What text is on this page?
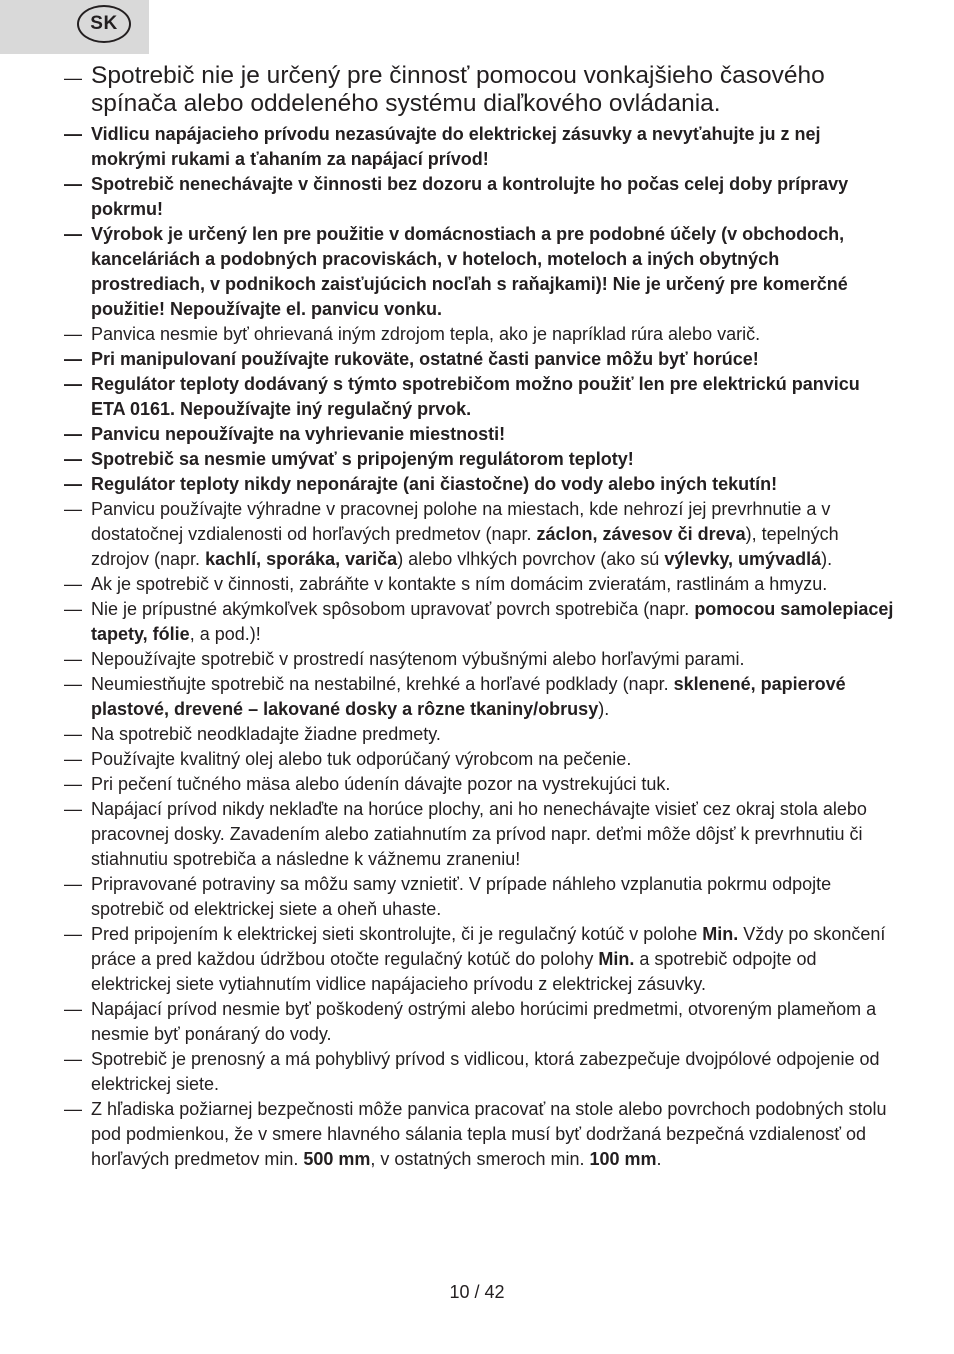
SK
— Spotrebič nie je určený pre činnosť pomocou vonkajšieho časového spínača alebo oddeleného systému diaľkového ovládania.
— Vidlicu napájacieho prívodu nezasúvajte do elektrickej zásuvky a nevyťahujte ju z nej mokrými rukami a ťahaním za napájací prívod!
— Spotrebič nenechávajte v činnosti bez dozoru a kontrolujte ho počas celej doby prípravy pokrmu!
— Výrobok je určený len pre použitie v domácnostiach a pre podobné účely (v obchodoch, kanceláriách a podobných pracoviskách, v hoteloch, moteloch a iných obytných prostrediach, v podnikoch zaisťujúcich nocľah s raňajkami)! Nie je určený pre komerčné použitie! Nepoužívajte el. panvicu vonku.
— Panvica nesmie byť ohrievaná iným zdrojom tepla, ako je napríklad rúra alebo varič.
— Pri manipulovaní používajte rukoväte, ostatné časti panvice môžu byť horúce!
— Regulátor teploty dodávaný s týmto spotrebičom možno použiť len pre elektrickú panvicu ETA 0161. Nepoužívajte iný regulačný prvok.
— Panvicu nepoužívajte na vyhrievanie miestnosti!
— Spotrebič sa nesmie umývať s pripojeným regulátorom teploty!
— Regulátor teploty nikdy neponárajte (ani čiastočne) do vody alebo iných tekutín!
— Panvicu používajte výhradne v pracovnej polohe na miestach, kde nehrozí jej prevrhnutie a v dostatočnej vzdialenosti od horľavých predmetov (napr. záclon, závesov či dreva), tepelných zdrojov (napr. kachlí, sporáka, variča) alebo vlhkých povrchov (ako sú výlevky, umývadlá).
— Ak je spotrebič v činnosti, zabráňte v kontakte s ním domácim zvieratám, rastlinám a hmyzu.
— Nie je prípustné akýmkoľvek spôsobom upravovať povrch spotrebiča (napr. pomocou samolepiacej tapety, fólie, a pod.)!
— Nepoužívajte spotrebič v prostredí nasýtenom výbušnými alebo horľavými parami.
— Neumiestňujte spotrebič na nestabilné, krehké a horľavé podklady (napr. sklenené, papierové plastové, drevené – lakované dosky a rôzne tkaniny/obrusy).
— Na spotrebič neodkladajte žiadne predmety.
— Používajte kvalitný olej alebo tuk odporúčaný výrobcom na pečenie.
— Pri pečení tučného mäsa alebo údenín dávajte pozor na vystrekujúci tuk.
— Napájací prívod nikdy neklaďte na horúce plochy, ani ho nenechávajte visieť cez okraj stola alebo pracovnej dosky. Zavadením alebo zatiahnutím za prívod napr. deťmi môže dôjsť k prevrhnutiu či stiahnutiu spotrebiča a následne k vážnemu zraneniu!
— Pripravované potraviny sa môžu samy vznietiť. V prípade náhleho vzplanutia pokrmu odpojte spotrebič od elektrickej siete a oheň uhaste.
— Pred pripojením k elektrickej sieti skontrolujte, či je regulačný kotúč v polohe Min. Vždy po skončení práce a pred každou údržbou otočte regulačný kotúč do polohy Min. a spotrebič odpojte od elektrickej siete vytiahnutím vidlice napájacieho prívodu z elektrickej zásuvky.
— Napájací prívod nesmie byť poškodený ostrými alebo horúcimi predmetmi, otvoreným plameňom a nesmie byť ponáraný do vody.
— Spotrebič je prenosný a má pohyblivý prívod s vidlicou, ktorá zabezpečuje dvojpólové odpojenie od elektrickej siete.
— Z hľadiska požiarnej bezpečnosti môže panvica pracovať na stole alebo povrchoch podobných stolu pod podmienkou, že v smere hlavného sálania tepla musí byť dodržaná bezpečná vzdialenosť od horľavých predmetov min. 500 mm, v ostatných smeroch min. 100 mm.
10 / 42
